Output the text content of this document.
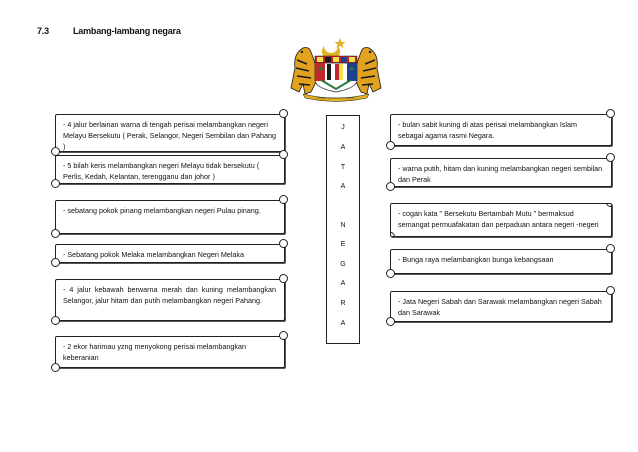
7.3	Lambang-lambang negara
- 4 jalur berlainan warna di tengah perisai melambangkan negeri Melayu Bersekutu ( Perak, Selangor, Negeri Sembilan dan Pahang )
- 5 bilah keris melambangkan negeri Melayu tidak bersekutu ( Perlis, Kedah, Kelantan, terengganu dan johor )
- sebatang pokok pinang melambangkan negeri Pulau pinang.
- Sebatang pokok Melaka melambangkan Negeri Melaka
- 4 jalur kebawah berwarna merah dan kuning melambangkan Selangor, jalur hitam dan putih melambangkan negeri Pahang.
- 2 ekor harimau yzng menyokong perisai melambangkan keberanian
J
A
T
A
N
E
G
A
R
A
- bulan sabit kuning di atas perisai melambangkan Islam sebagai agama rasmi Negara.
- warna putih, hitam dan kuning melambangkan negeri sembilan dan Perak
- cogan kata " Bersekutu Bertambah Mutu " bermaksud semangat permuafakatan dan perpaduan antara negeri -negeri
- Bunga raya melambangkan bunga kebangsaan
- Jata Negeri Sabah dan Sarawak melambangkan negeri Sabah dan Sarawak
